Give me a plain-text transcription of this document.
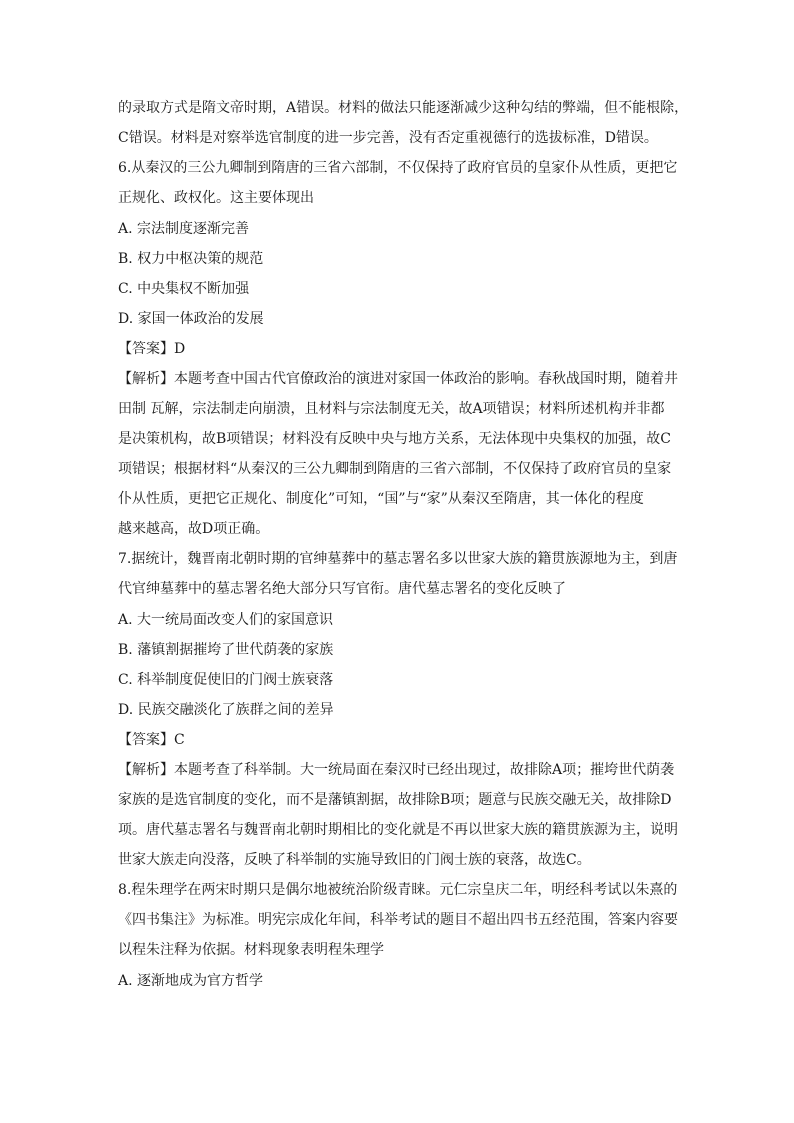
的录取方式是隋文帝时期，A错误。材料的做法只能逐渐减少这种勾结的弊端，但不能根除，

C错误。材料是对察举选官制度的进一步完善，没有否定重视德行的选拔标准，D错误。

6.从秦汉的三公九卿制到隋唐的三省六部制，不仅保持了政府官员的皇家仆从性质，更把它

正规化、政权化。这主要体现出

A. 宗法制度逐渐完善

B. 权力中枢决策的规范

C. 中央集权不断加强

D. 家国一体政治的发展

【答案】D

【解析】本题考查中国古代官僚政治的演进对家国一体政治的影响。春秋战国时期，随着井

田制 瓦解，宗法制走向崩溃，且材料与宗法制度无关，故A项错误；材料所述机构并非都

是决策机构，故B项错误；材料没有反映中央与地方关系，无法体现中央集权的加强，故C

项错误；根据材料“从秦汉的三公九卿制到隋唐的三省六部制，不仅保持了政府官员的皇家

仆从性质，更把它正规化、制度化”可知，“国”与“家”从秦汉至隋唐，其一体化的程度

越来越高，故D项正确。

7.据统计，魏晋南北朝时期的官绅墓葬中的墓志署名多以世家大族的籍贯族源地为主，到唐

代官绅墓葬中的墓志署名绝大部分只写官衔。唐代墓志署名的变化反映了

A. 大一统局面改变人们的家国意识

B. 藩镇割据摧垮了世代荫袭的家族

C. 科举制度促使旧的门阀士族衰落

D. 民族交融淡化了族群之间的差异

【答案】C

【解析】本题考查了科举制。大一统局面在秦汉时已经出现过，故排除A项；摧垮世代荫袭

家族的是选官制度的变化，而不是藩镇割据，故排除B项；题意与民族交融无关，故排除D

项。唐代墓志署名与魏晋南北朝时期相比的变化就是不再以世家大族的籍贯族源为主，说明

世家大族走向没落，反映了科举制的实施导致旧的门阀士族的衰落，故选C。

8.程朱理学在两宋时期只是偶尔地被统治阶级青睐。元仁宗皇庆二年，明经科考试以朱熹的

《四书集注》为标准。明宪宗成化年间，科举考试的题目不超出四书五经范围，答案内容要

以程朱注释为依据。材料现象表明程朱理学

A. 逐渐地成为官方哲学
